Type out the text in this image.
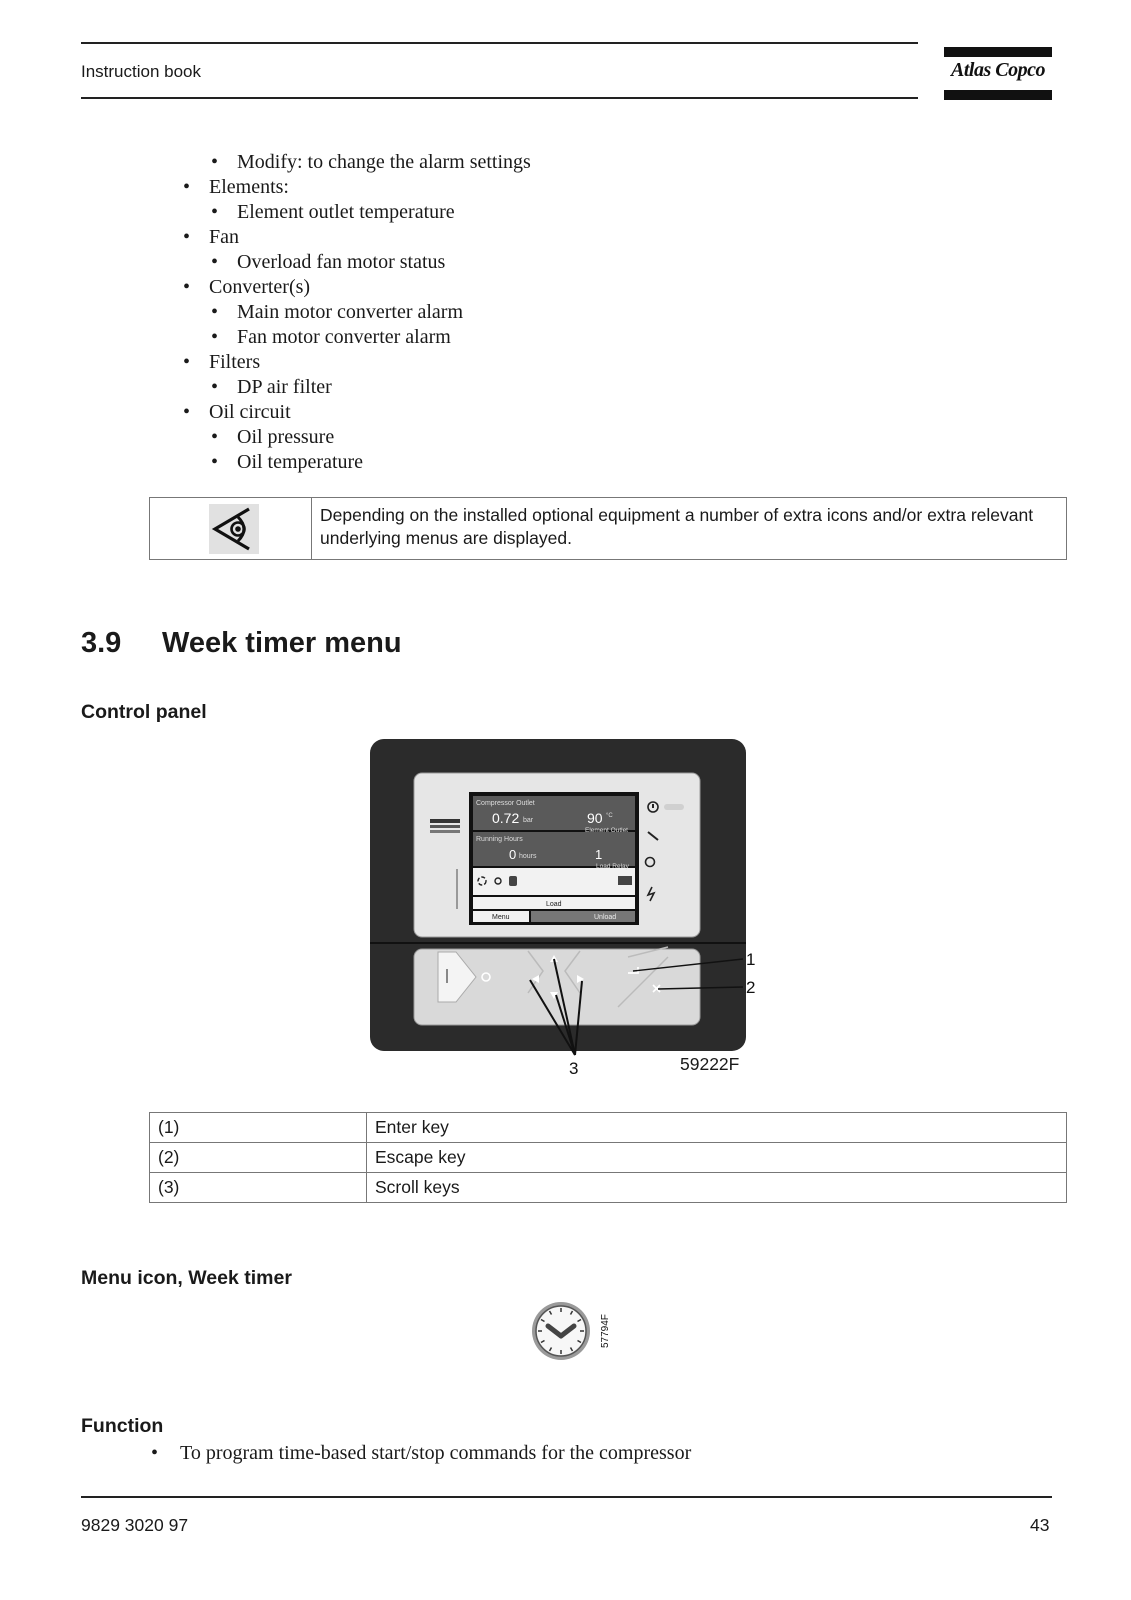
Instruction book	Atlas Copco
• Modify: to change the alarm settings
• Elements:
• Element outlet temperature
• Fan
• Overload fan motor status
• Converter(s)
• Main motor converter alarm
• Fan motor converter alarm
• Filters
• DP air filter
• Oil circuit
• Oil pressure
• Oil temperature
Depending on the installed optional equipment a number of extra icons and/or extra relevant underlying menus are displayed.
3.9 Week timer menu
Control panel
Compressor Outlet
0.72 bar	90 °C
Element Outlet
Running Hours
0 hours	1
Load Relay
Load
Menu	Unload
1
2
3	59222F
(1)	Enter key
(2)	Escape key
(3)	Scroll keys
Menu icon, Week timer
57794F
Function
• To program time-based start/stop commands for the compressor
9829 3020 97	43
